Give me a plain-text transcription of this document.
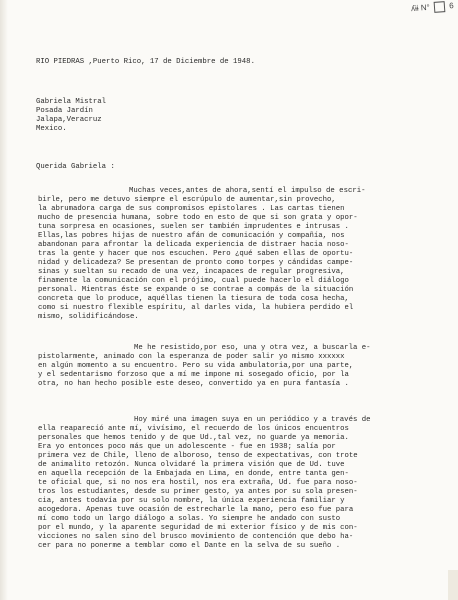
ʎɨɨ N° 6
RIO PIEDRAS ,Puerto Rico, 17 de Diciembre de 1948.
Gabriela Mistral
Posada Jardín
Jalapa,Veracruz
Mexico.
Querida Gabriela :
Muchas veces,antes de ahora,sentí el impulso de escri-
birle, pero me detuvo siempre el escrúpulo de aumentar,sin provecho,
la abrumadora carga de sus compromisos epistolares . Las cartas tienen
mucho de presencia humana, sobre todo en esto de que si son grata y opor-
tuna sorpresa en ocasiones, suelen ser también imprudentes e intrusas .
Ellas,las pobres hijas de nuestro afán de comunicación y compañía, nos
abandonan para afrontar la delicada experiencia de distraer hacia noso-
tras la gente y hacer que nos escuchen. Pero ¿qué saben ellas de oportu-
nidad y delicadeza? Se presentan de pronto como torpes y cándidas campe-
sinas y sueltan su recado de una vez, incapaces de regular progresiva,
finamente la comunicación con el prójimo, cual puede hacerlo el diálogo
personal. Mientras éste se expande o se contrae a compás de la situación
concreta que lo produce, aquéllas tienen la tiesura de toda cosa hecha,
como si nuestro flexible espíritu, al darles vida, la hubiera perdido el
mismo, solidificándose.
Me he resistido,por eso, una y otra vez, a buscarla e-
pistolarmente, animado con la esperanza de poder salir yo mismo xxxxxx
en algún momento a su encuentro. Pero su vida ambulatoria,por una parte,
y el sedentarismo forzoso que a mí me impone mi sosegado oficio, por la
otra, no han hecho posible este deseo, convertido ya en pura fantasía .
Hoy miré una imagen suya en un periódico y a través de
ella reaparecíó ante mí, vivísimo, el recuerdo de los únicos encuentros
personales que hemos tenido y de que Ud.,tal vez, no guarde ya memoria.
Era yo entonces poco más que un adolescente - fue en 1938; salía por
primera vez de Chile, lleno de alboroso, tenso de expectativas, con trote
de animalito retozón. Nunca olvidaré la primera visión que de Ud. tuve
en aquella recepción de la Embajada en Lima, en donde, entre tanta gen-
te oficial que, si no nos era hostil, nos era extraña, Ud. fue para noso-
tros los estudiantes, desde su primer gesto, ya antes por su sola presen-
cia, antes todavía por su solo nombre, la única experiencia familiar y
acogedora. Apenas tuve ocasión de estrecharle la mano, pero eso fue para
mí como todo un largo diálogo a solas. Yo siempre he andado con susto
por el mundo, y la aparente seguridad de mi exterior físico y de mis con-
vicciones no salen sino del brusco movimiento de contención que debo ha-
cer para no ponerme a temblar como el Dante en la selva de su sueño .
